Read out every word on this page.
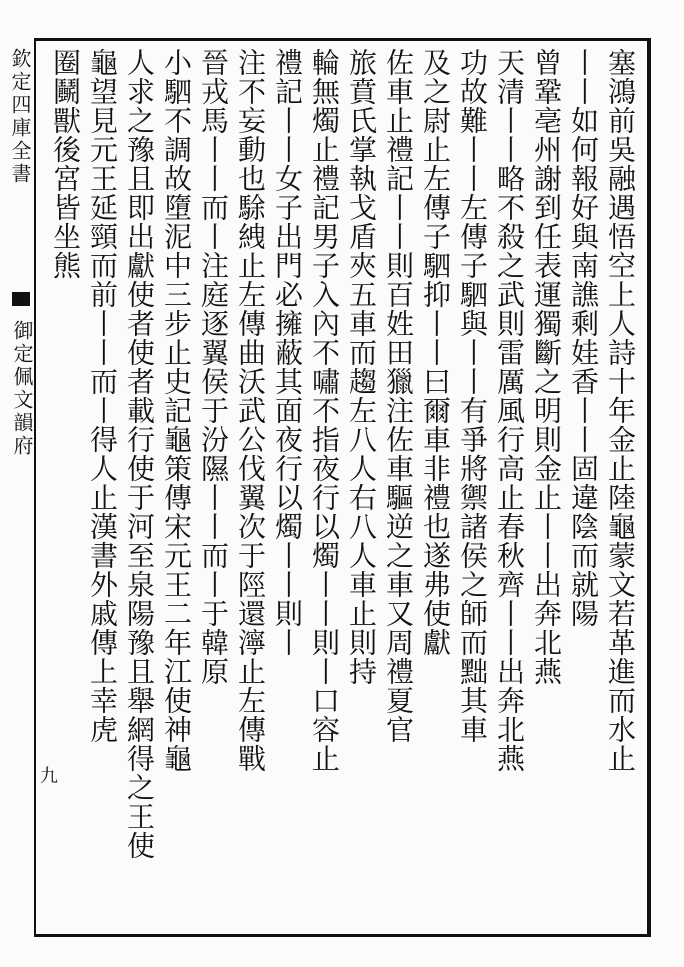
欽定四庫全書
御定佩文韻府
九
塞鴻前吳融遇悟空上人詩十年金止陸龜蒙文若革進而水止
丨丨如何報好與南譙剩娃香丨丨固違陰而就陽
曾鞏亳州謝到任表運獨斷之明則金止丨丨出奔北燕
天清丨丨略不殺之武則雷厲風行高止春秋齊丨丨出奔北燕
功故難丨丨左傳子駟與丨丨有爭將禦諸侯之師而黜其車
及之尉止左傳子駟抑丨丨曰爾車非禮也遂弗使獻
佐車止禮記丨丨則百姓田獵注佐車驅逆之車又周禮夏官
旅賁氏掌執戈盾夾五車而趨左八人右八人車止則持
輪無燭止禮記男子入內不嘯不指夜行以燭丨丨則丨口容止
禮記丨丨女子出門必擁蔽其面夜行以燭丨丨則丨
注不妄動也駼絏止左傳曲沃武公伐翼次于陘還濘止左傳戰
晉戎馬丨丨而丨注庭逐翼侯于汾隰丨丨而丨于韓原
小駟不調故墮泥中三步止史記龜策傳宋元王二年江使神龜
人求之豫且即出獻使者使者載行使于河至泉陽豫且舉網得之王使
龜望見元王延頸而前丨丨而丨得人止漢書外戚傳上幸虎
圈鬭獸後宮皆坐熊
